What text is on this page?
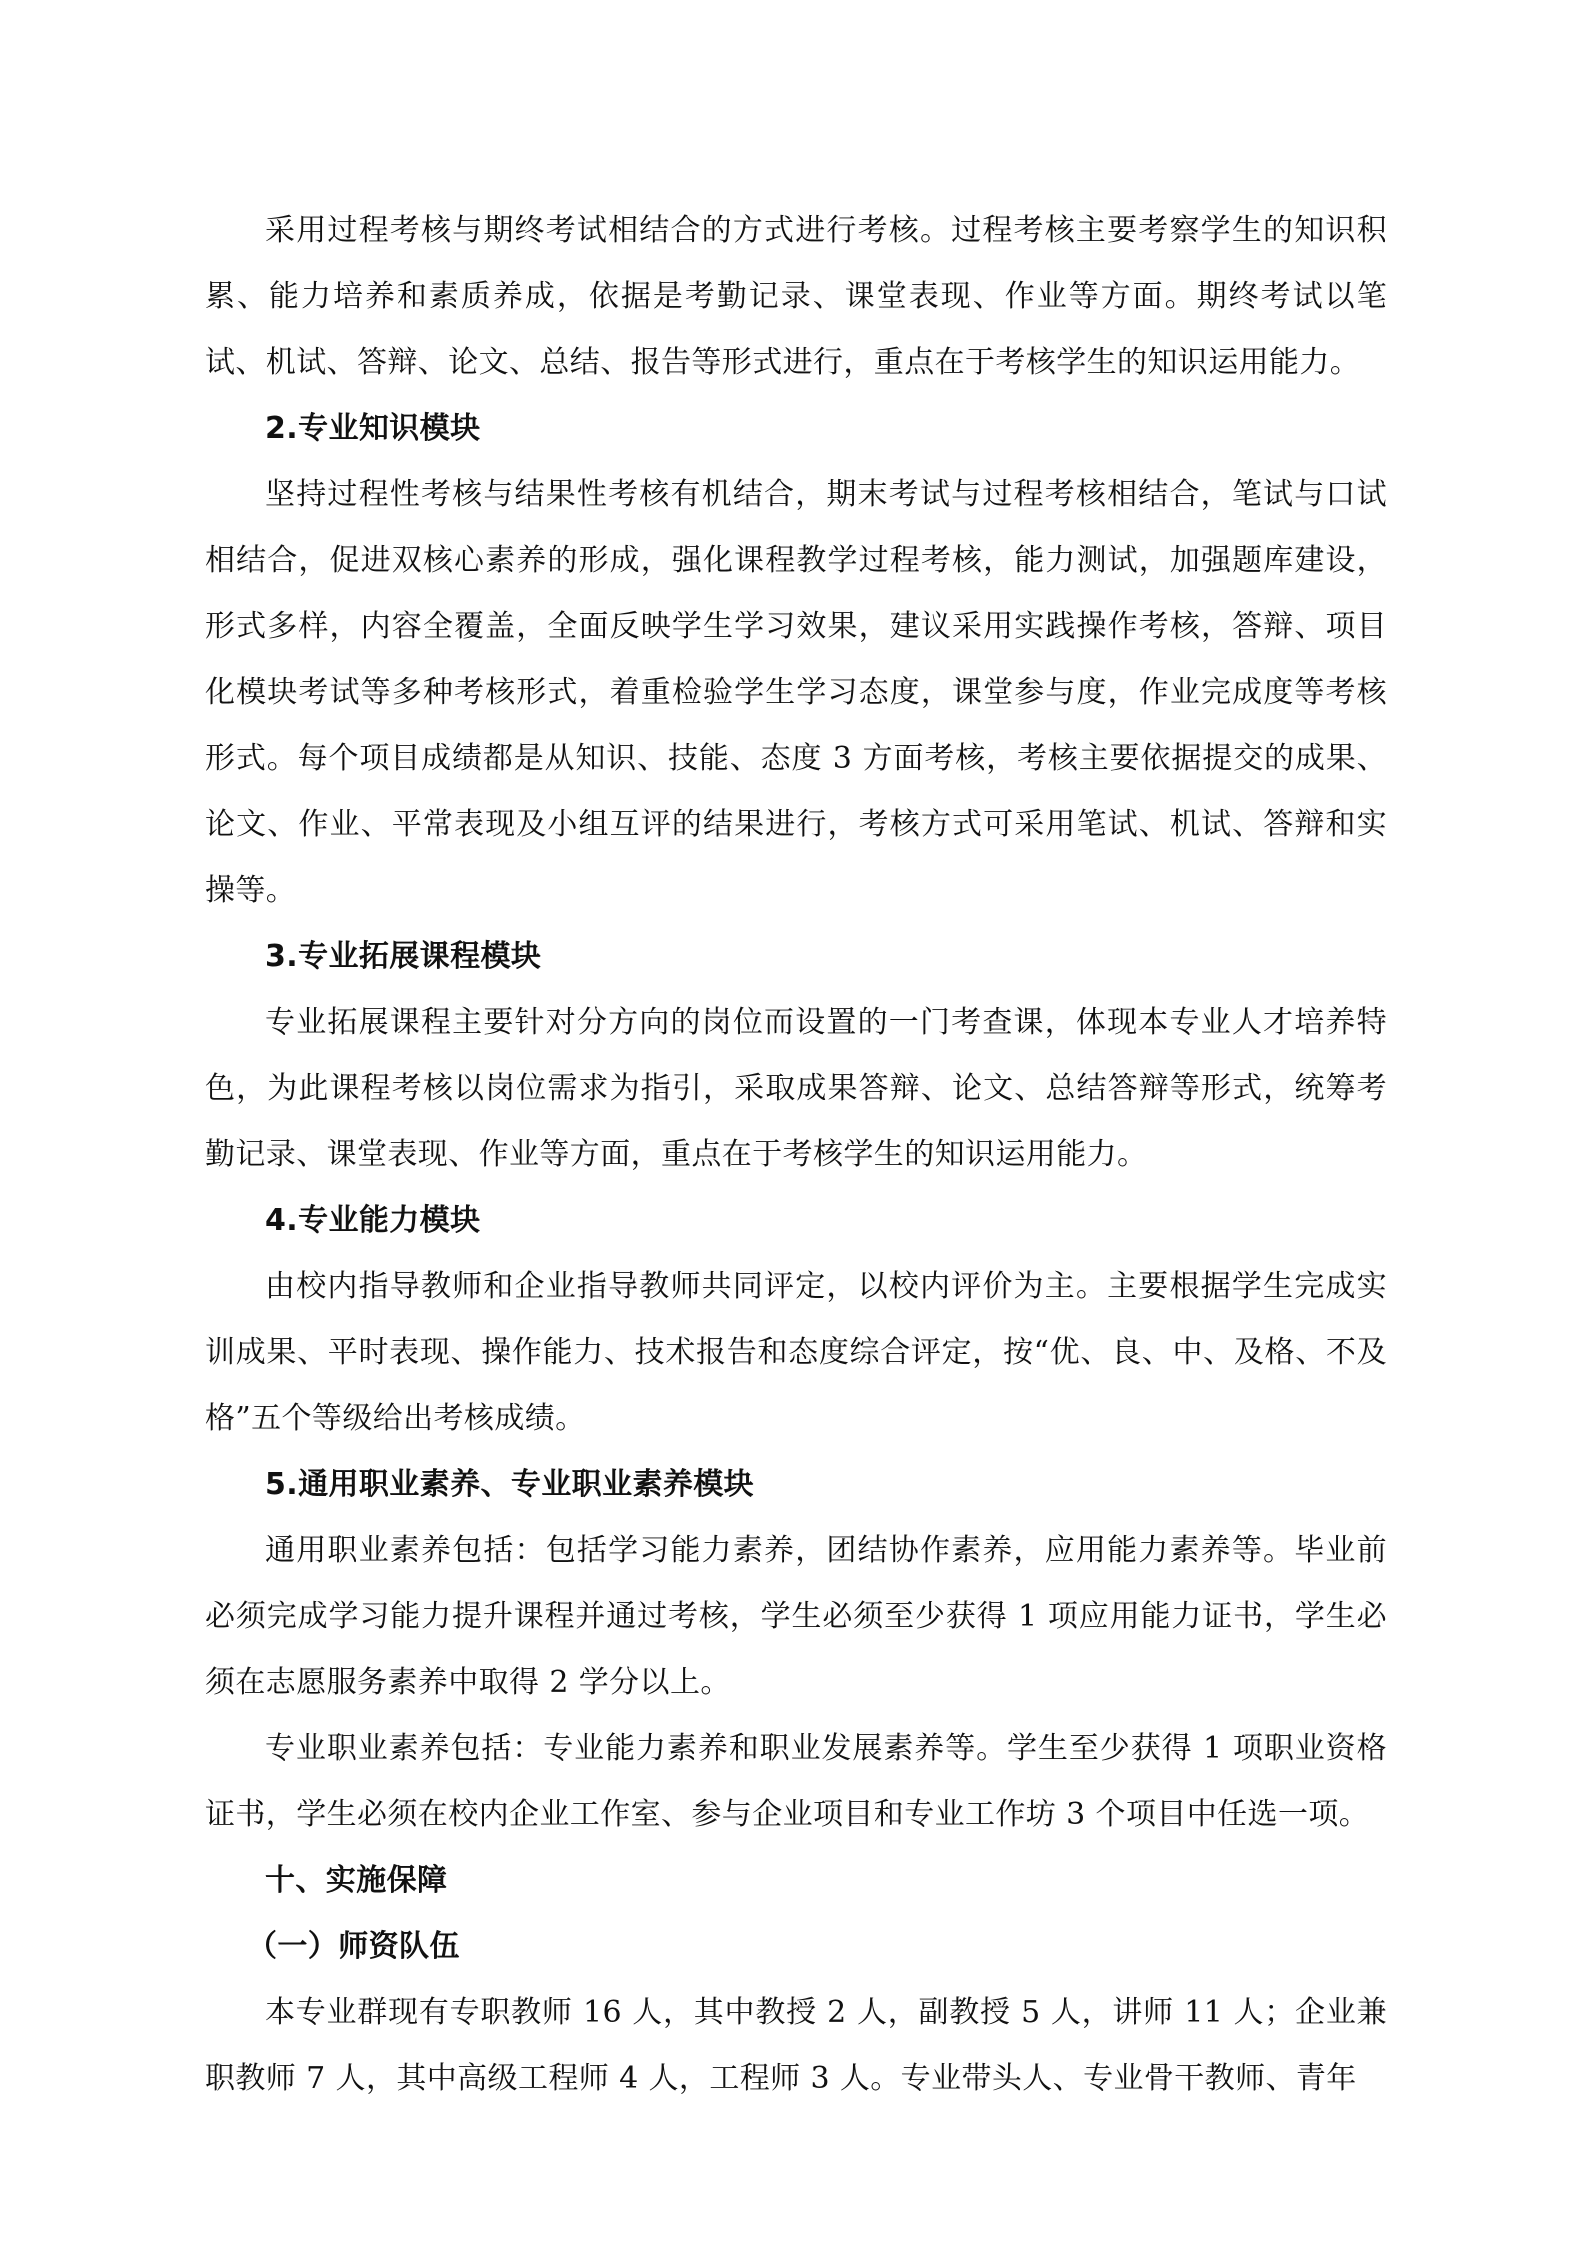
采用过程考核与期终考试相结合的方式进行考核。过程考核主要考察学生的知识积累、能力培养和素质养成，依据是考勤记录、课堂表现、作业等方面。期终考试以笔试、机试、答辩、论文、总结、报告等形式进行，重点在于考核学生的知识运用能力。

2.专业知识模块

坚持过程性考核与结果性考核有机结合，期末考试与过程考核相结合，笔试与口试相结合，促进双核心素养的形成，强化课程教学过程考核，能力测试，加强题库建设，形式多样，内容全覆盖，全面反映学生学习效果，建议采用实践操作考核，答辩、项目化模块考试等多种考核形式，着重检验学生学习态度，课堂参与度，作业完成度等考核形式。每个项目成绩都是从知识、技能、态度 3 方面考核，考核主要依据提交的成果、论文、作业、平常表现及小组互评的结果进行，考核方式可采用笔试、机试、答辩和实操等。

3.专业拓展课程模块

专业拓展课程主要针对分方向的岗位而设置的一门考查课，体现本专业人才培养特色，为此课程考核以岗位需求为指引，采取成果答辩、论文、总结答辩等形式，统筹考勤记录、课堂表现、作业等方面，重点在于考核学生的知识运用能力。

4.专业能力模块

由校内指导教师和企业指导教师共同评定，以校内评价为主。主要根据学生完成实训成果、平时表现、操作能力、技术报告和态度综合评定，按“优、良、中、及格、不及格”五个等级给出考核成绩。

5.通用职业素养、专业职业素养模块

通用职业素养包括：包括学习能力素养，团结协作素养，应用能力素养等。毕业前必须完成学习能力提升课程并通过考核，学生必须至少获得 1 项应用能力证书，学生必须在志愿服务素养中取得 2 学分以上。

专业职业素养包括：专业能力素养和职业发展素养等。学生至少获得 1 项职业资格证书，学生必须在校内企业工作室、参与企业项目和专业工作坊 3 个项目中任选一项。

十、实施保障

（一）师资队伍

本专业群现有专职教师 16 人，其中教授 2 人，副教授 5 人，讲师 11 人；企业兼职教师 7 人，其中高级工程师 4 人，工程师 3 人。专业带头人、专业骨干教师、青年
